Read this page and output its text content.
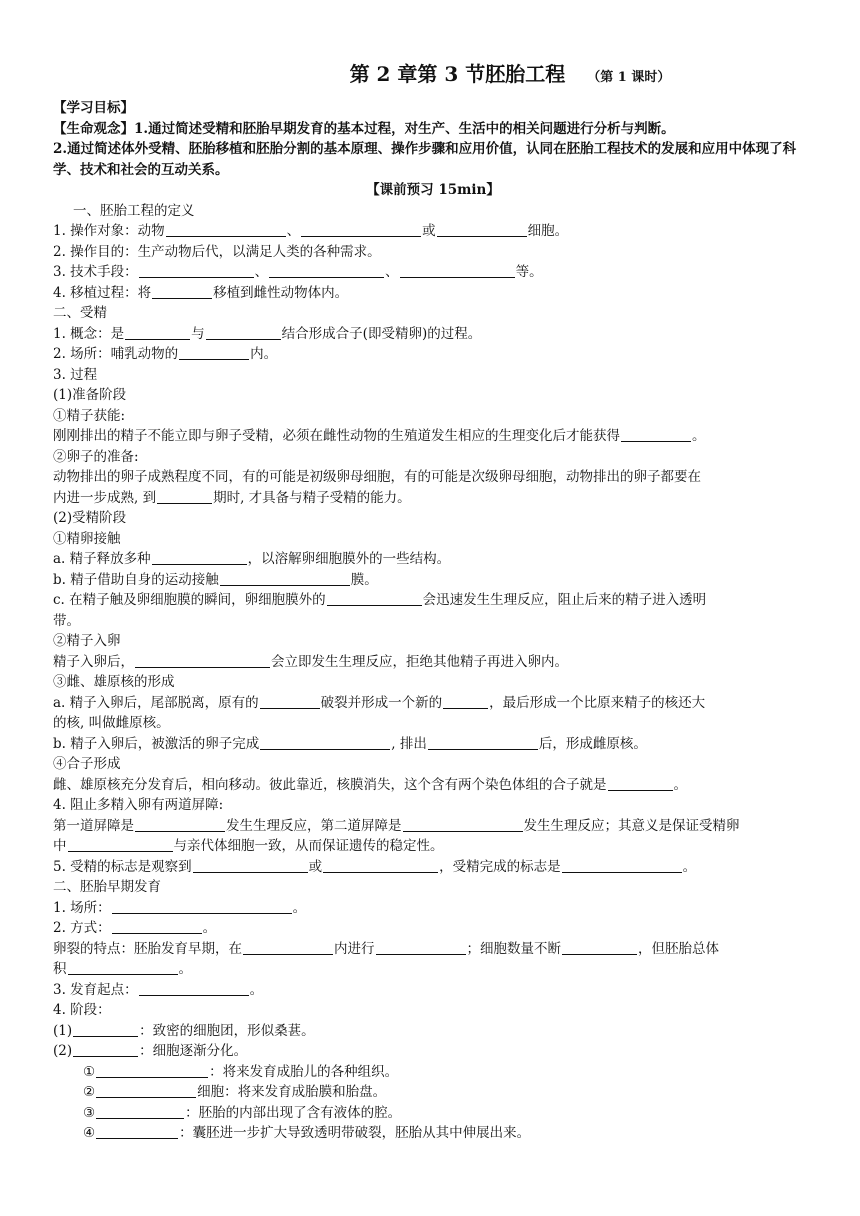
第 2 章第 3 节胚胎工程 （第 1 课时）
【学习目标】
【生命观念】1.通过简述受精和胚胎早期发育的基本过程，对生产、生活中的相关问题进行分析与判断。
2.通过简述体外受精、胚胎移植和胚胎分割的基本原理、操作步骤和应用价值，认同在胚胎工程技术的发展和应用中体现了科学、技术和社会的互动关系。
【课前预习 15min】
一、胚胎工程的定义
1. 操作对象：动物	、	或	细胞。
2. 操作目的：生产动物后代，以满足人类的各种需求。
3. 技术手段：	、	、	等。
4. 移植过程：将	移植到雌性动物体内。
二、受精
1. 概念：是	与	结合形成合子(即受精卵)的过程。
2. 场所：哺乳动物的	内。
3. 过程
(1)准备阶段
①精子获能:
刚刚排出的精子不能立即与卵子受精，必须在雌性动物的生殖道发生相应的生理变化后才能获得	。
②卵子的准备:
动物排出的卵子成熟程度不同，有的可能是初级卵母细胞，有的可能是次级卵母细胞，动物排出的卵子都要在
内进一步成熟, 到	期时, 才具备与精子受精的能力。
(2)受精阶段
①精卵接触
a. 精子释放多种	，以溶解卵细胞膜外的一些结构。
b. 精子借助自身的运动接触	膜。
c. 在精子触及卵细胞膜的瞬间，卵细胞膜外的	会迅速发生生理反应，阻止后来的精子进入透明
带。
②精子入卵
精子入卵后，	会立即发生生理反应，拒绝其他精子再进入卵内。
③雌、雄原核的形成
a. 精子入卵后，尾部脱离，原有的	破裂并形成一个新的	，最后形成一个比原来精子的核还大
的核, 叫做雌原核。
b. 精子入卵后，被激活的卵子完成	, 排出	后，形成雌原核。
④合子形成
雌、雄原核充分发育后，相向移动。彼此靠近，核膜消失，这个含有两个染色体组的合子就是	。
4. 阻止多精入卵有两道屏障:
第一道屏障是	发生生理反应，第二道屏障是	发生生理反应；其意义是保证受精卵
中	与亲代体细胞一致，从而保证遗传的稳定性。
5. 受精的标志是观察到	或	，受精完成的标志是	。
二、胚胎早期发育
1. 场所：	。
2. 方式：	。
卵裂的特点：胚胎发育早期，在	内进行	；细胞数量不断	，但胚胎总体
积	。
3. 发育起点：	。
4. 阶段：
(1)	：致密的细胞团，形似桑葚。
(2)	：细胞逐渐分化。
①	：将来发育成胎儿的各种组织。
②	细胞：将来发育成胎膜和胎盘。
③	：胚胎的内部出现了含有液体的腔。
④	：囊胚进一步扩大导致透明带破裂，胚胎从其中伸展出来。
